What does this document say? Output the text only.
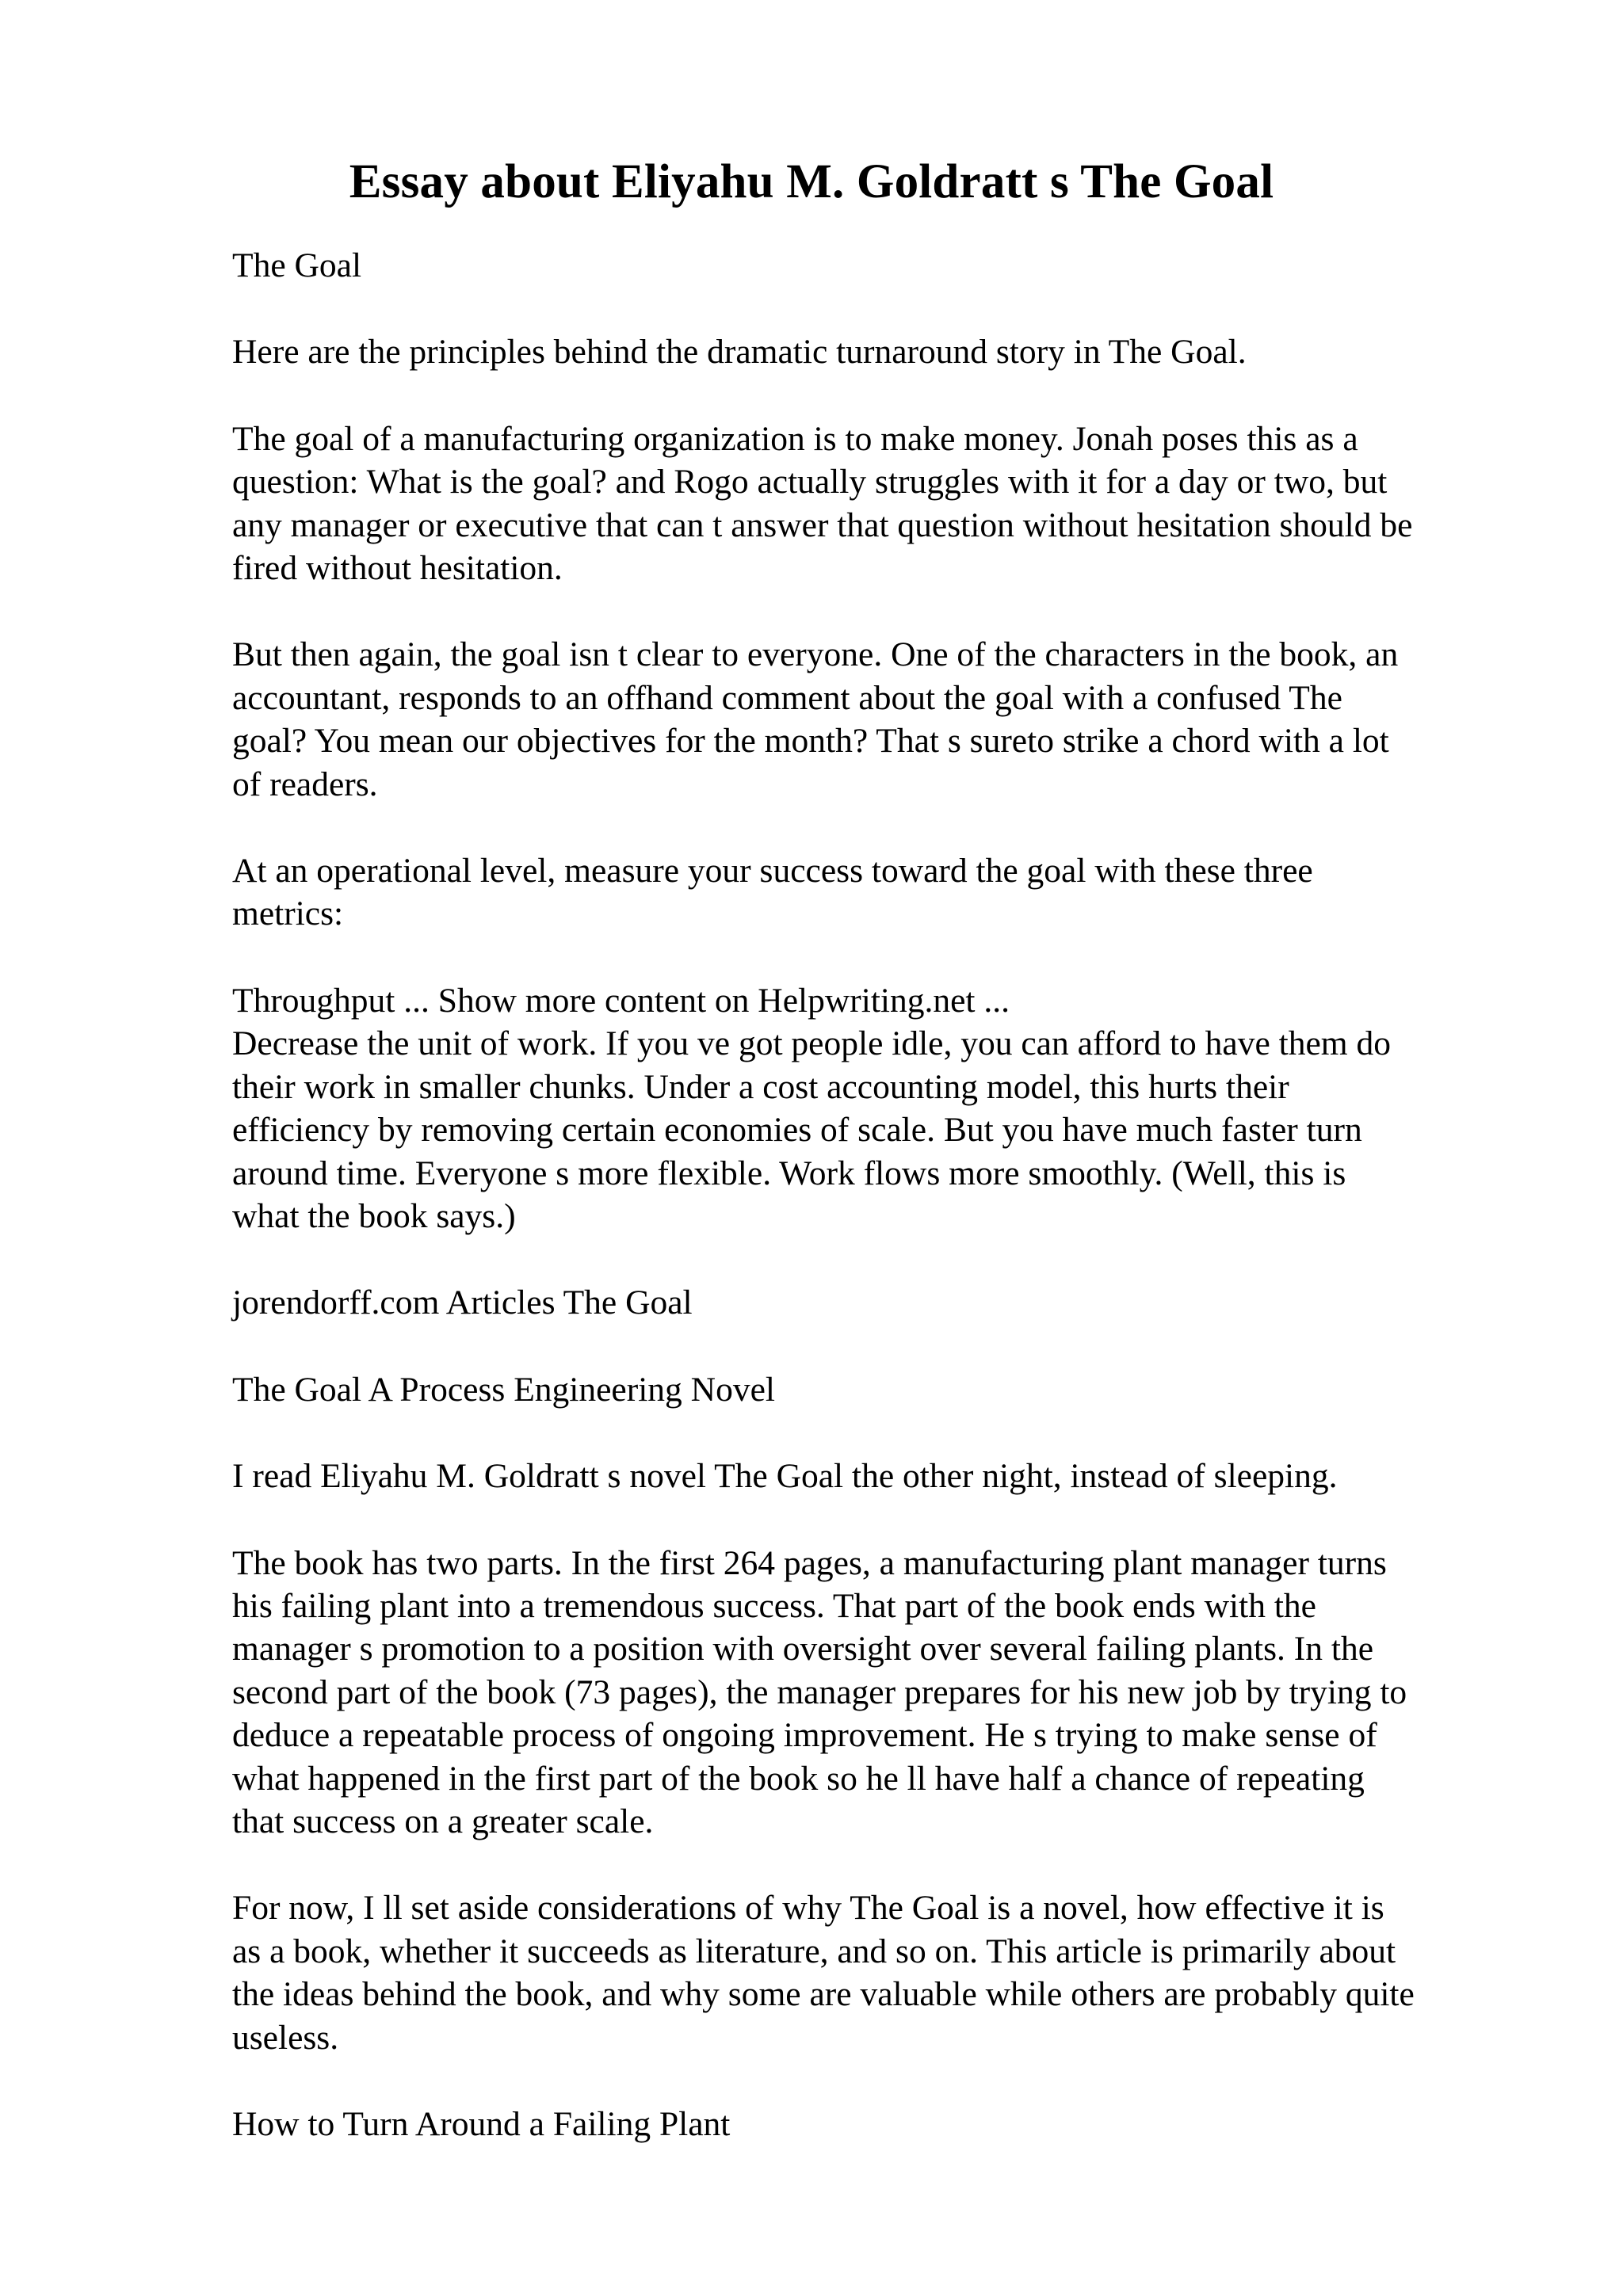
Essay about Eliyahu M. Goldratt s The Goal

The Goal

Here are the principles behind the dramatic turnaround story in The Goal.

The goal of a manufacturing organization is to make money. Jonah poses this as a
question: What is the goal? and Rogo actually struggles with it for a day or two, but
any manager or executive that can t answer that question without hesitation should be
fired without hesitation.

But then again, the goal isn t clear to everyone. One of the characters in the book, an
accountant, responds to an offhand comment about the goal with a confused The
goal? You mean our objectives for the month? That s sureto strike a chord with a lot
of readers.

At an operational level, measure your success toward the goal with these three
metrics:

Throughput ... Show more content on Helpwriting.net ...

Decrease the unit of work. If you ve got people idle, you can afford to have them do
their work in smaller chunks. Under a cost accounting model, this hurts their
efficiency by removing certain economies of scale. But you have much faster turn
around time. Everyone s more flexible. Work flows more smoothly. (Well, this is
what the book says.)

jorendorff.com Articles The Goal

The Goal A Process Engineering Novel

I read Eliyahu M. Goldratt s novel The Goal the other night, instead of sleeping.

The book has two parts. In the first 264 pages, a manufacturing plant manager turns
his failing plant into a tremendous success. That part of the book ends with the
manager s promotion to a position with oversight over several failing plants. In the
second part of the book (73 pages), the manager prepares for his new job by trying to
deduce a repeatable process of ongoing improvement. He s trying to make sense of
what happened in the first part of the book so he ll have half a chance of repeating
that success on a greater scale.

For now, I ll set aside considerations of why The Goal is a novel, how effective it is
as a book, whether it succeeds as literature, and so on. This article is primarily about
the ideas behind the book, and why some are valuable while others are probably quite
useless.

How to Turn Around a Failing Plant
